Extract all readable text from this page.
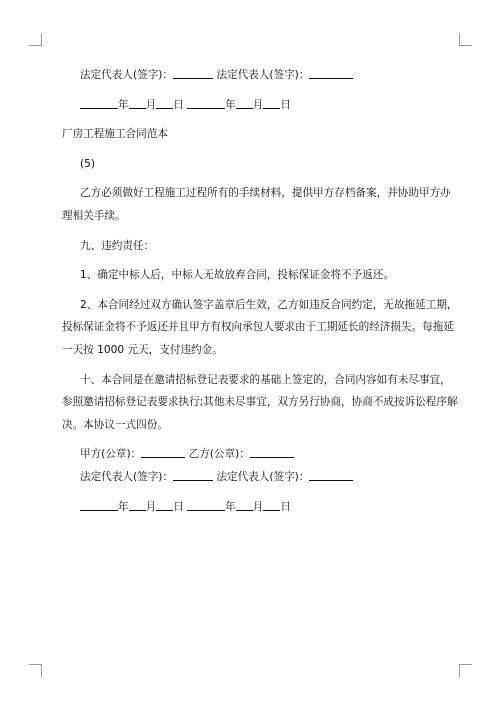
法定代表人(签字)：	法定代表人(签字)：
年 月 日	年 月 日
厂房工程施工合同范本
(5)
乙方必须做好工程施工过程所有的手续材料，提供甲方存档备案，并协助甲方办
理相关手续。
九、违约责任：
1、确定中标人后，中标人无故放弃合同，投标保证金将不予返还。
2、本合同经过双方确认签字盖章后生效，乙方如违反合同约定，无故拖延工期，
投标保证金将不予返还并且甲方有权向承包人要求由于工期延长的经济损失。每拖延
一天按 1000 元天，支付违约金。
十、本合同是在邀请招标登记表要求的基础上签定的，合同内容如有未尽事宜，
参照邀请招标登记表要求执行;其他未尽事宜，双方另行协商，协商不成按诉讼程序解
决。本协议一式四份。
甲方(公章)：	乙方(公章)：
法定代表人(签字)：	法定代表人(签字)：
年 月 日	年 月 日
